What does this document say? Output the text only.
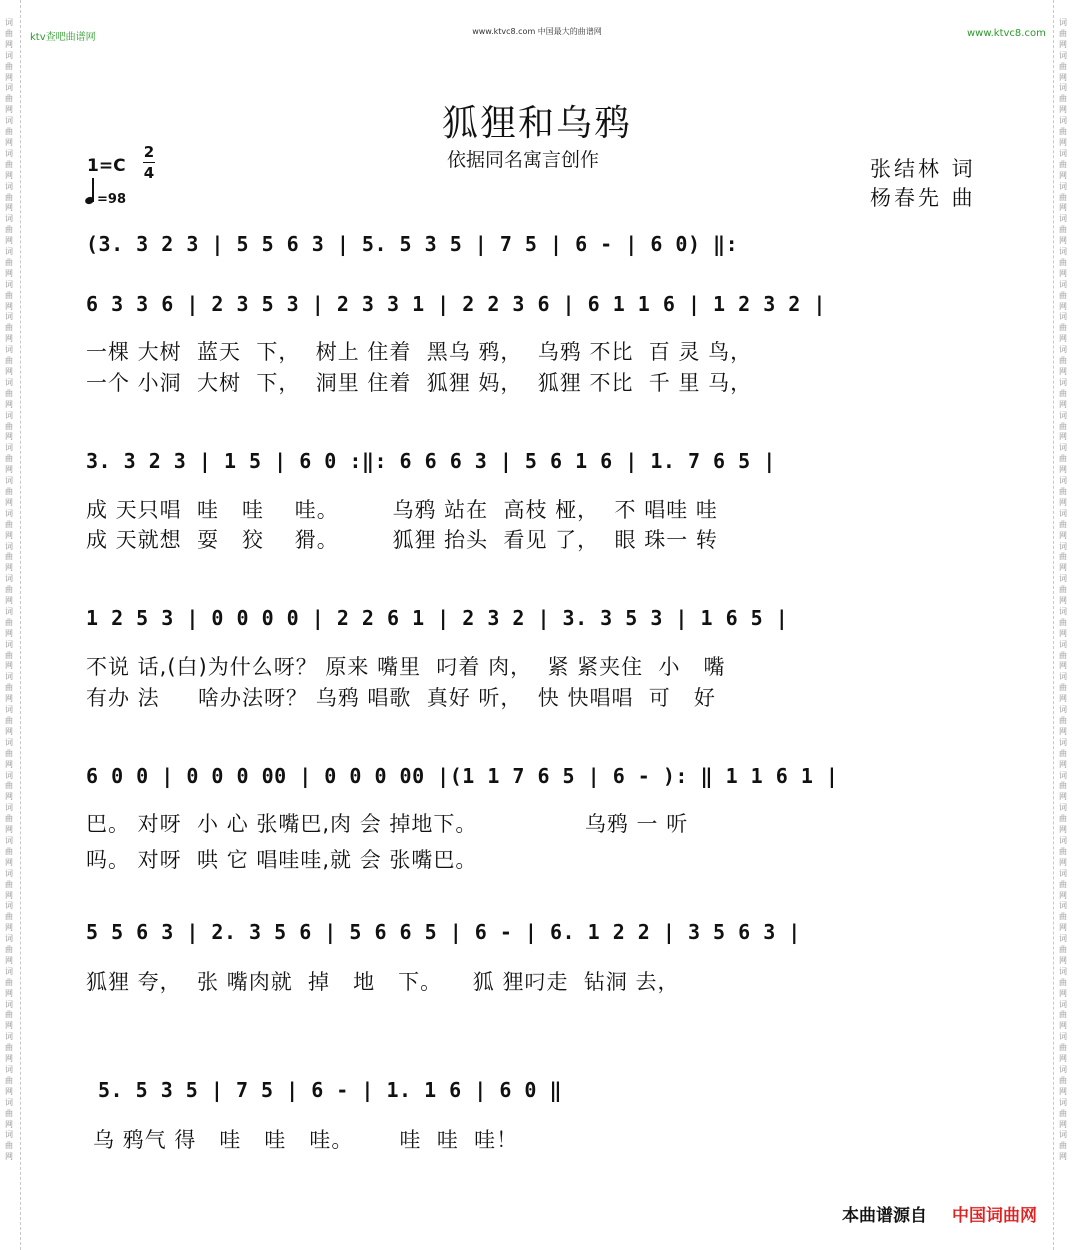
词曲网词曲网词曲网词曲网词曲网词曲网词曲网词曲网词曲网词曲网词曲网词曲网词曲网词曲网词曲网词曲网词曲网词曲网词曲网词曲网词曲网词曲网词曲网词曲网词曲网词曲网词曲网词曲网词曲网词曲网词曲网词曲网词曲网词曲网词曲网
词曲网词曲网词曲网词曲网词曲网词曲网词曲网词曲网词曲网词曲网词曲网词曲网词曲网词曲网词曲网词曲网词曲网词曲网词曲网词曲网词曲网词曲网词曲网词曲网词曲网词曲网词曲网词曲网词曲网词曲网词曲网词曲网词曲网词曲网词曲网
ktv查吧曲谱网
www.ktvc8.com 中国最大的曲谱网	www.ktvc8.com
狐狸和乌鸦
依据同名寓言创作	张结林 词
杨春先 曲
1=C
2
4
=98
(3. 3 2 3 | 5 5 6 3 | 5. 5 3 5 | 7 5 | 6 - | 6 0) ‖:
6 3 3 6 | 2 3 5 3 | 2 3 3 1 | 2 2 3 6 | 6 1 1 6 | 1 2 3 2 |
一棵 大树  蓝天  下，  树上 住着  黑乌 鸦，  乌鸦 不比  百 灵 鸟，
一个 小洞  大树  下，  洞里 住着  狐狸 妈，  狐狸 不比  千 里 马，
3. 3 2 3 | 1 5 | 6 0 :‖: 6 6 6 3 | 5 6 1 6 | 1. 7 6 5 |
成 天只唱  哇   哇    哇。       乌鸦 站在  高枝 桠，  不 唱哇 哇
成 天就想  耍   狡    猾。       狐狸 抬头  看见 了，  眼 珠一 转
1 2 5 3 | 0 0 0 0 | 2 2 6 1 | 2 3 2 | 3. 3 5 3 | 1 6 5 |
不说 话,(白)为什么呀？ 原来 嘴里  叼着 肉，  紧 紧夹住  小   嘴
有办 法     啥办法呀？ 乌鸦 唱歌  真好 听，  快 快唱唱  可   好
6 0 0 | 0 0 0 00 | 0 0 0 00 |(1 1 7 6 5 | 6 - ): ‖ 1 1 6 1 |
巴。 对呀  小 心 张嘴巴,肉 会 掉地下。              乌鸦 一 听
吗。 对呀  哄 它 唱哇哇,就 会 张嘴巴。
5 5 6 3 | 2. 3 5 6 | 5 6 6 5 | 6 - | 6. 1 2 2 | 3 5 6 3 |
狐狸 夸，  张 嘴肉就  掉   地   下。    狐 狸叼走  钻洞 去，
5. 5 3 5 | 7 5 | 6 - | 1. 1 6 | 6 0 ‖
乌 鸦气 得   哇   哇   哇。      哇  哇  哇！
本曲谱源自 中国词曲网
